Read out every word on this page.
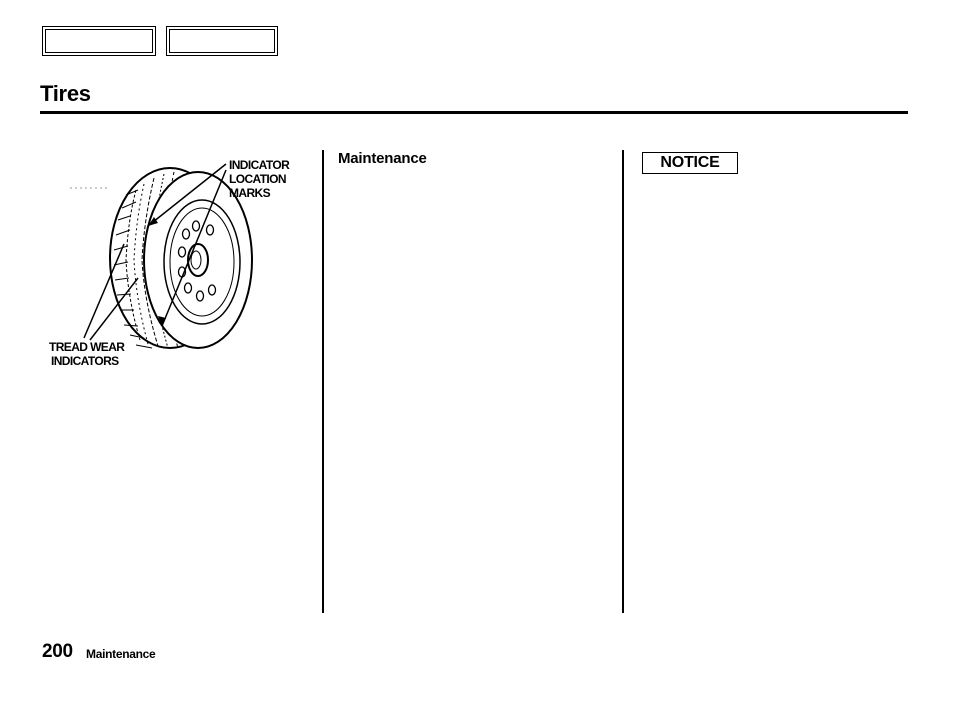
Tires
INDICATOR
LOCATION
MARKS
TREAD WEAR
INDICATORS
Maintenance	NOTICE
200 Maintenance
